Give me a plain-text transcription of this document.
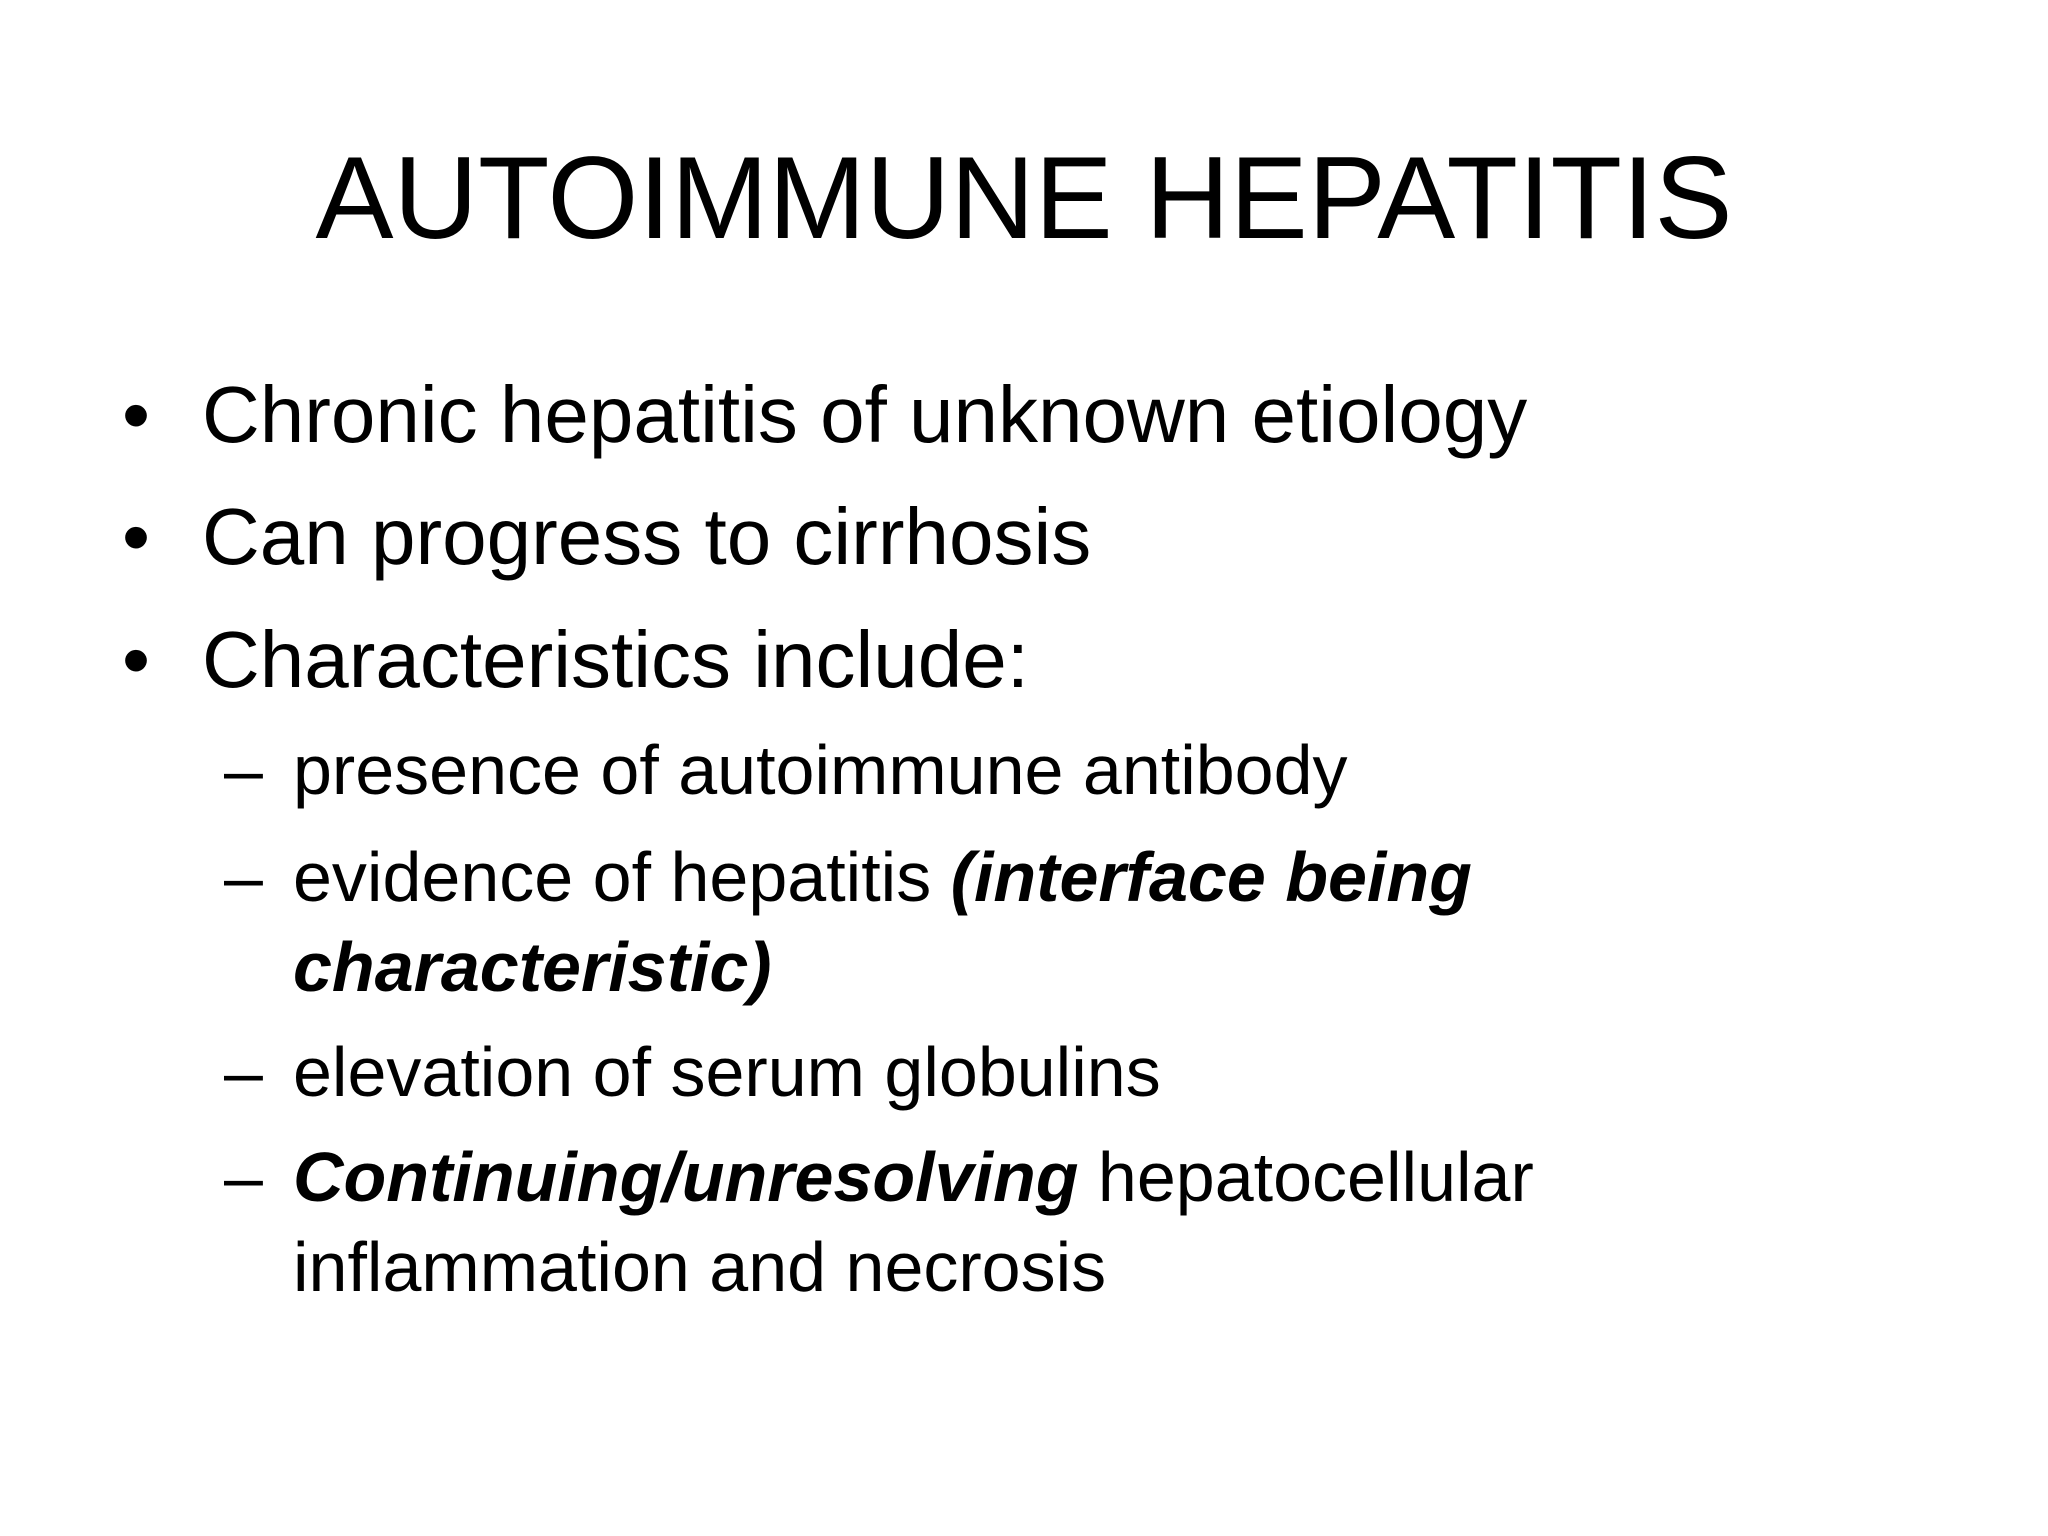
AUTOIMMUNE HEPATITIS
• Chronic hepatitis of unknown etiology
• Can progress to cirrhosis
• Characteristics include:
– presence of autoimmune antibody
– evidence of hepatitis (interface being
characteristic)
– elevation of serum globulins
– Continuing/unresolving hepatocellular
inflammation and necrosis
